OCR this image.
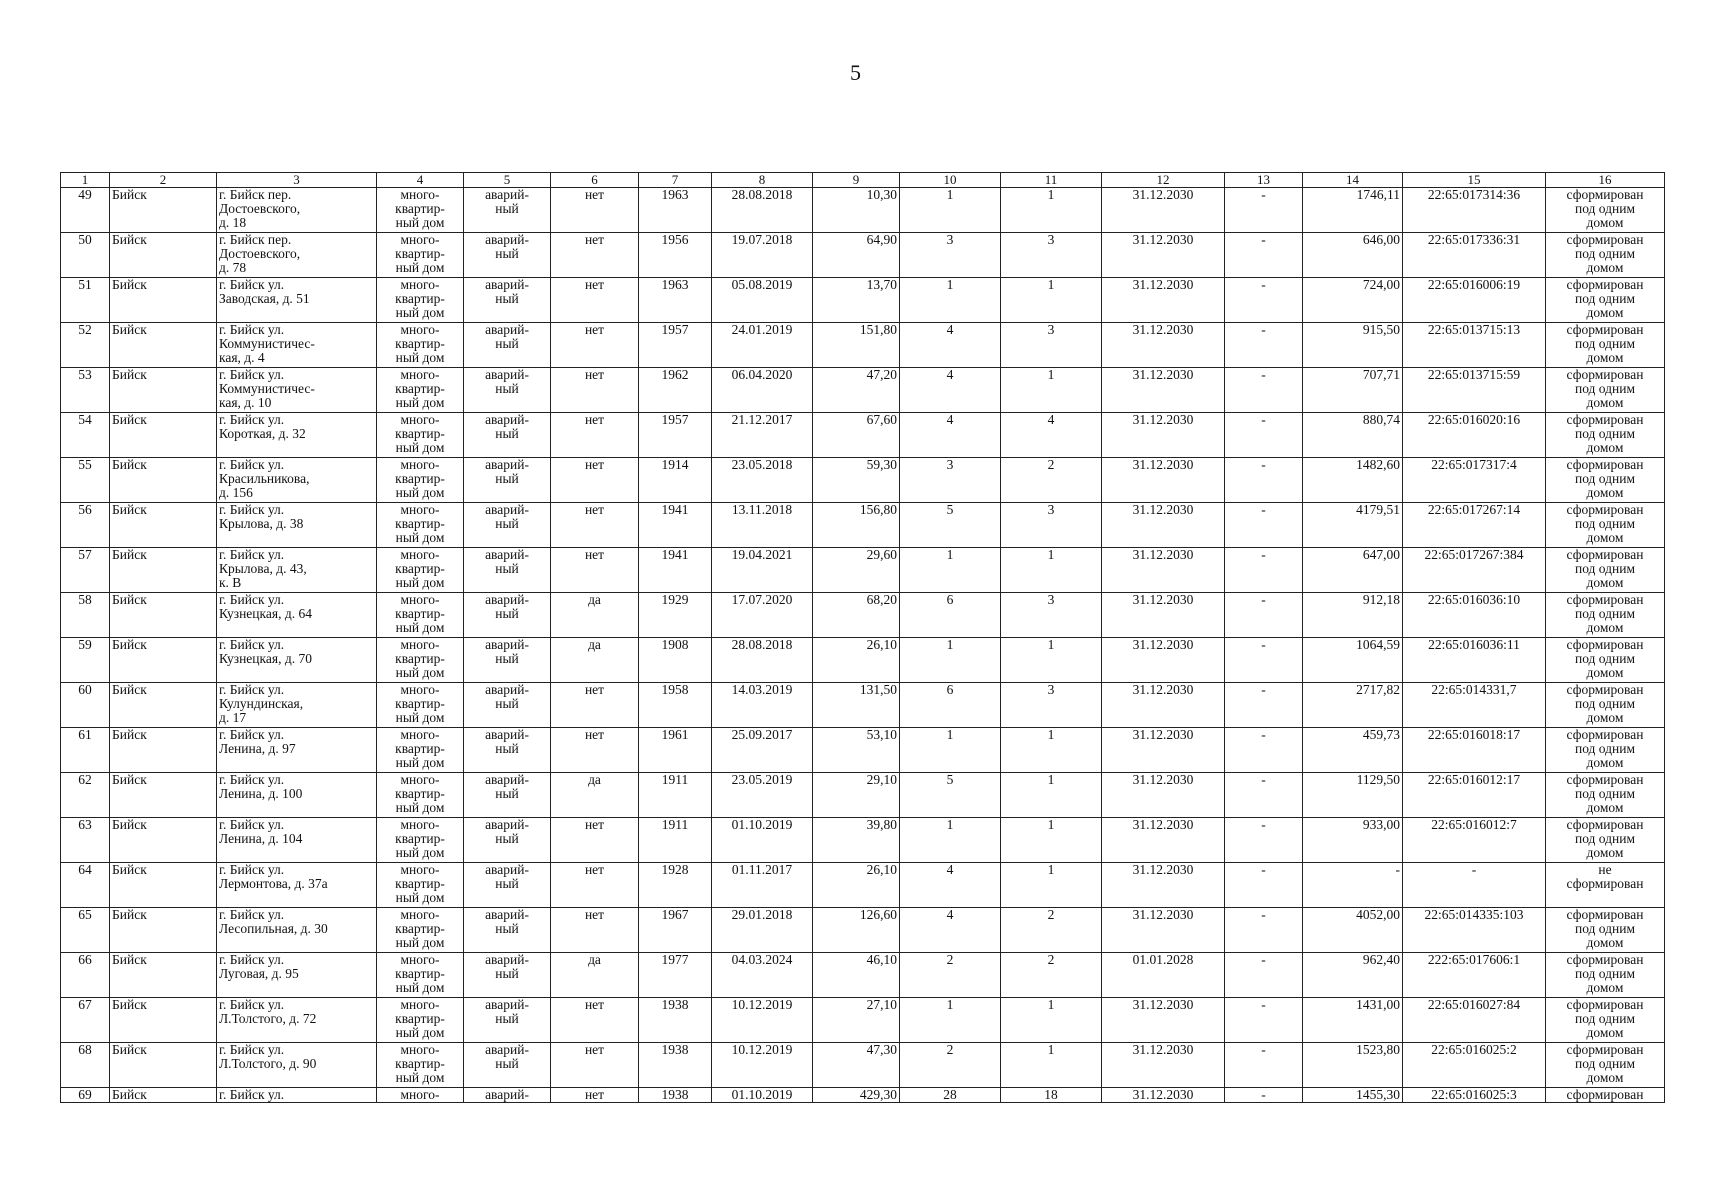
5
1	2	3	4	5	6	7	8	9	10	11	12	13	14	15	16
49	Бийск	г. Бийск пер.
Достоевского,
д. 18	много-
квартир-
ный дом	аварий-
ный	нет	1963	28.08.2018	10,30	1	1	31.12.2030	-	1746,11	22:65:017314:36	сформирован
под одним
домом
50	Бийск	г. Бийск пер.
Достоевского,
д. 78	много-
квартир-
ный дом	аварий-
ный	нет	1956	19.07.2018	64,90	3	3	31.12.2030	-	646,00	22:65:017336:31	сформирован
под одним
домом
51	Бийск	г. Бийск ул.
Заводская, д. 51	много-
квартир-
ный дом	аварий-
ный	нет	1963	05.08.2019	13,70	1	1	31.12.2030	-	724,00	22:65:016006:19	сформирован
под одним
домом
52	Бийск	г. Бийск ул.
Коммунистичес-
кая, д. 4	много-
квартир-
ный дом	аварий-
ный	нет	1957	24.01.2019	151,80	4	3	31.12.2030	-	915,50	22:65:013715:13	сформирован
под одним
домом
53	Бийск	г. Бийск ул.
Коммунистичес-
кая, д. 10	много-
квартир-
ный дом	аварий-
ный	нет	1962	06.04.2020	47,20	4	1	31.12.2030	-	707,71	22:65:013715:59	сформирован
под одним
домом
54	Бийск	г. Бийск ул.
Короткая, д. 32	много-
квартир-
ный дом	аварий-
ный	нет	1957	21.12.2017	67,60	4	4	31.12.2030	-	880,74	22:65:016020:16	сформирован
под одним
домом
55	Бийск	г. Бийск ул.
Красильникова,
д. 156	много-
квартир-
ный дом	аварий-
ный	нет	1914	23.05.2018	59,30	3	2	31.12.2030	-	1482,60	22:65:017317:4	сформирован
под одним
домом
56	Бийск	г. Бийск ул.
Крылова, д. 38	много-
квартир-
ный дом	аварий-
ный	нет	1941	13.11.2018	156,80	5	3	31.12.2030	-	4179,51	22:65:017267:14	сформирован
под одним
домом
57	Бийск	г. Бийск ул.
Крылова, д. 43,
к. В	много-
квартир-
ный дом	аварий-
ный	нет	1941	19.04.2021	29,60	1	1	31.12.2030	-	647,00	22:65:017267:384	сформирован
под одним
домом
58	Бийск	г. Бийск ул.
Кузнецкая, д. 64	много-
квартир-
ный дом	аварий-
ный	да	1929	17.07.2020	68,20	6	3	31.12.2030	-	912,18	22:65:016036:10	сформирован
под одним
домом
59	Бийск	г. Бийск ул.
Кузнецкая, д. 70	много-
квартир-
ный дом	аварий-
ный	да	1908	28.08.2018	26,10	1	1	31.12.2030	-	1064,59	22:65:016036:11	сформирован
под одним
домом
60	Бийск	г. Бийск ул.
Кулундинская,
д. 17	много-
квартир-
ный дом	аварий-
ный	нет	1958	14.03.2019	131,50	6	3	31.12.2030	-	2717,82	22:65:014331,7	сформирован
под одним
домом
61	Бийск	г. Бийск ул.
Ленина, д. 97	много-
квартир-
ный дом	аварий-
ный	нет	1961	25.09.2017	53,10	1	1	31.12.2030	-	459,73	22:65:016018:17	сформирован
под одним
домом
62	Бийск	г. Бийск ул.
Ленина, д. 100	много-
квартир-
ный дом	аварий-
ный	да	1911	23.05.2019	29,10	5	1	31.12.2030	-	1129,50	22:65:016012:17	сформирован
под одним
домом
63	Бийск	г. Бийск ул.
Ленина, д. 104	много-
квартир-
ный дом	аварий-
ный	нет	1911	01.10.2019	39,80	1	1	31.12.2030	-	933,00	22:65:016012:7	сформирован
под одним
домом
64	Бийск	г. Бийск ул.
Лермонтова, д. 37а	много-
квартир-
ный дом	аварий-
ный	нет	1928	01.11.2017	26,10	4	1	31.12.2030	-	-	-	не
сформирован
65	Бийск	г. Бийск ул.
Лесопильная, д. 30	много-
квартир-
ный дом	аварий-
ный	нет	1967	29.01.2018	126,60	4	2	31.12.2030	-	4052,00	22:65:014335:103	сформирован
под одним
домом
66	Бийск	г. Бийск ул.
Луговая, д. 95	много-
квартир-
ный дом	аварий-
ный	да	1977	04.03.2024	46,10	2	2	01.01.2028	-	962,40	222:65:017606:1	сформирован
под одним
домом
67	Бийск	г. Бийск ул.
Л.Толстого, д. 72	много-
квартир-
ный дом	аварий-
ный	нет	1938	10.12.2019	27,10	1	1	31.12.2030	-	1431,00	22:65:016027:84	сформирован
под одним
домом
68	Бийск	г. Бийск ул.
Л.Толстого, д. 90	много-
квартир-
ный дом	аварий-
ный	нет	1938	10.12.2019	47,30	2	1	31.12.2030	-	1523,80	22:65:016025:2	сформирован
под одним
домом
69	Бийск	г. Бийск ул.	много-	аварий-	нет	1938	01.10.2019	429,30	28	18	31.12.2030	-	1455,30	22:65:016025:3	сформирован
